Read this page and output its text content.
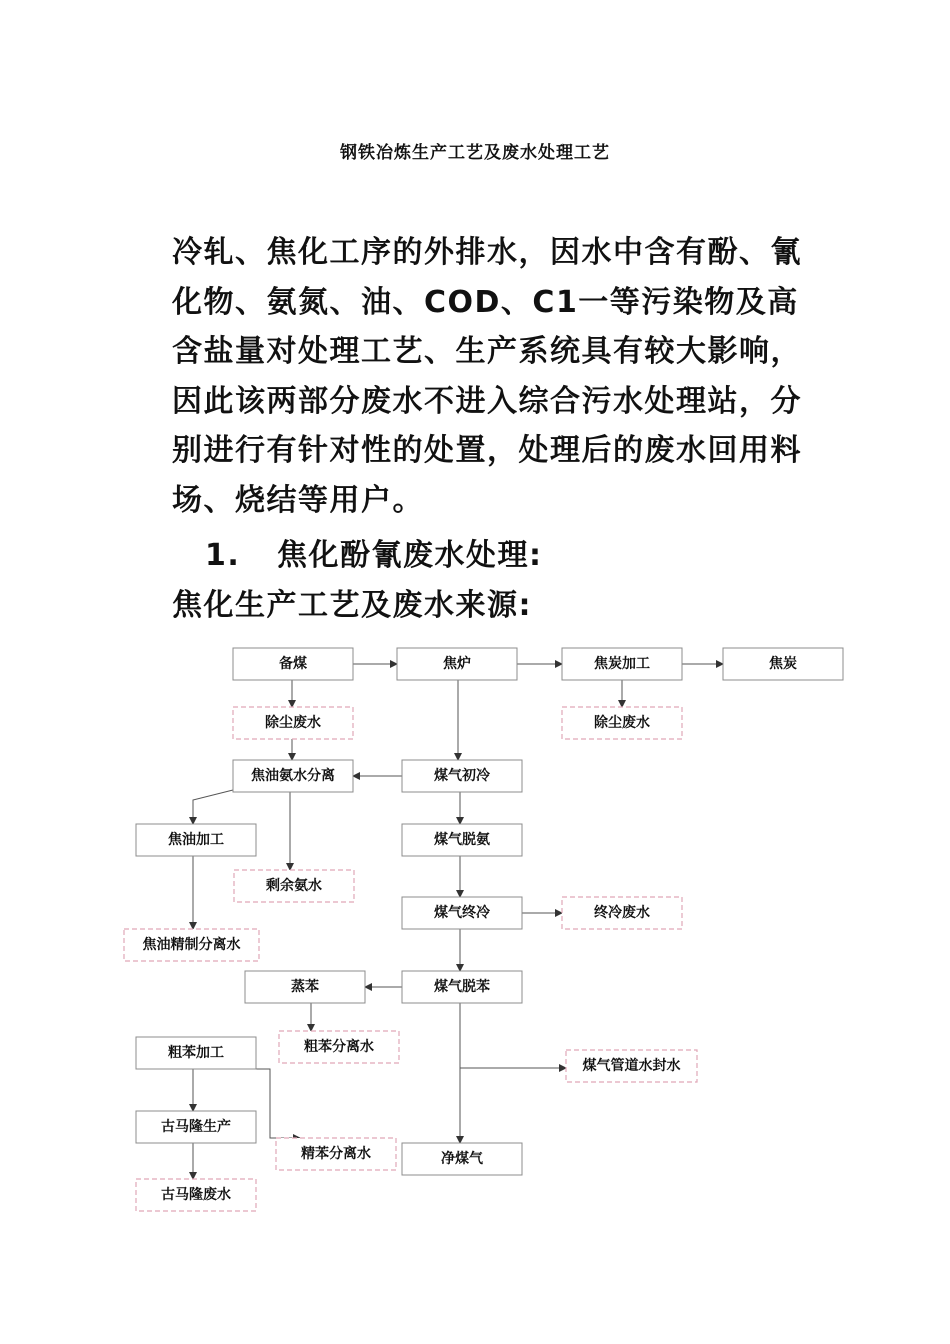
钢铁冶炼生产工艺及废水处理工艺
冷轧、焦化工序的外排水，因水中含有酚、氰化物、氨氮、油、COD、C1一等污染物及高含盐量对处理工艺、生产系统具有较大影响，因此该两部分废水不进入综合污水处理站，分别进行有针对性的处置，处理后的废水回用料场、烧结等用户。
1. 焦化酚氰废水处理:
焦化生产工艺及废水来源:
备煤	焦炉	焦炭加工	焦炭
除尘废水	除尘废水
焦油氨水分离	煤气初冷
焦油加工	煤气脱氨
剩余氨水
煤气终冷	终冷废水
焦油精制分离水
蒸苯	煤气脱苯
粗苯分离水
粗苯加工
煤气管道水封水
古马隆生产
精苯分离水	净煤气
古马隆废水
